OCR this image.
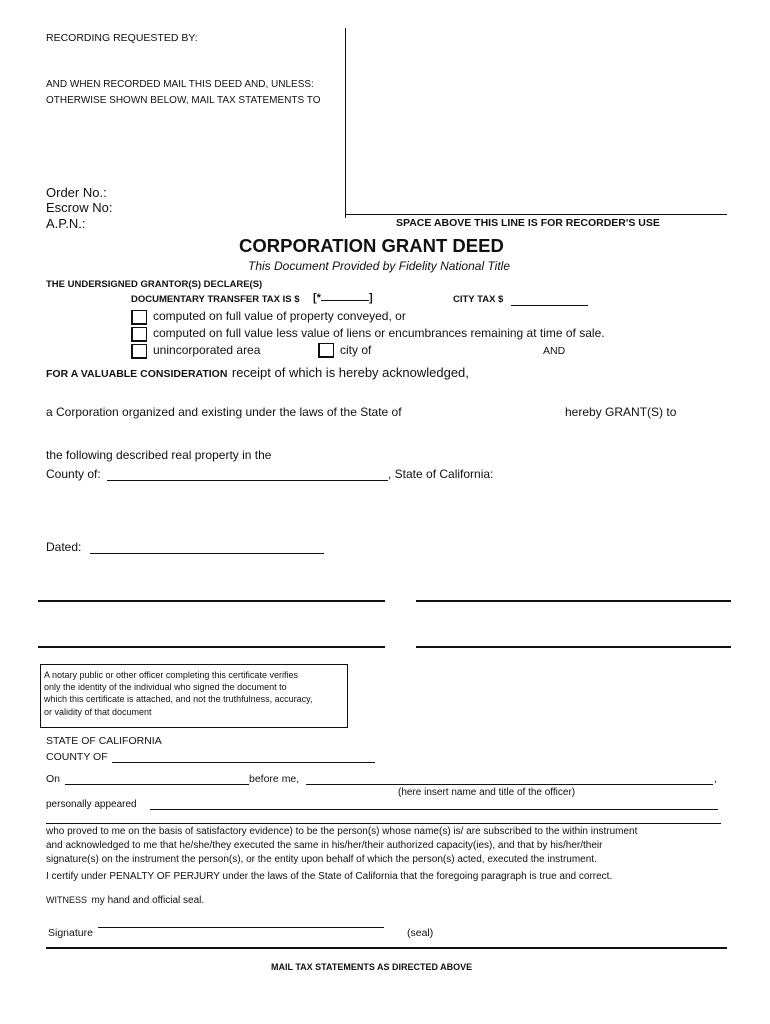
RECORDING REQUESTED BY:
AND WHEN RECORDED MAIL THIS DEED AND, UNLESS:
OTHERWISE SHOWN BELOW, MAIL TAX STATEMENTS TO
Order No.:
Escrow No:
A.P.N.:	SPACE ABOVE THIS LINE IS FOR RECORDER'S USE
CORPORATION GRANT DEED
This Document Provided by Fidelity National Title
THE UNDERSIGNED GRANTOR(S) DECLARE(S)
DOCUMENTARY TRANSFER TAX IS $ [*	]	CITY TAX $
computed on full value of property conveyed, or
computed on full value less value of liens or encumbrances remaining at time of sale.
unincorporated area	city of	AND
FOR A VALUABLE CONSIDERATION receipt of which is hereby acknowledged,
a Corporation organized and existing under the laws of the State of	hereby GRANT(S) to
the following described real property in the
County of:	, State of California:
Dated:
A notary public or other officer completing this certificate verifies
only the identity of the individual who signed the document to
which this certificate is attached, and not the truthfulness, accuracy,
or validity of that document
STATE OF CALIFORNIA
COUNTY OF
On	before me,	,
(here insert name and title of the officer)
personally appeared
who proved to me on the basis of satisfactory evidence) to be the person(s) whose name(s) is/ are subscribed to the within instrument
and acknowledged to me that he/she/they executed the same in his/her/their authorized capacity(ies), and that by his/her/their
signature(s) on the instrument the person(s), or the entity upon behalf of which the person(s) acted, executed the instrument.
I certify under PENALTY OF PERJURY under the laws of the State of California that the foregoing paragraph is true and correct.
WITNESS my hand and official seal.
Signature	(seal)
MAIL TAX STATEMENTS AS DIRECTED ABOVE
